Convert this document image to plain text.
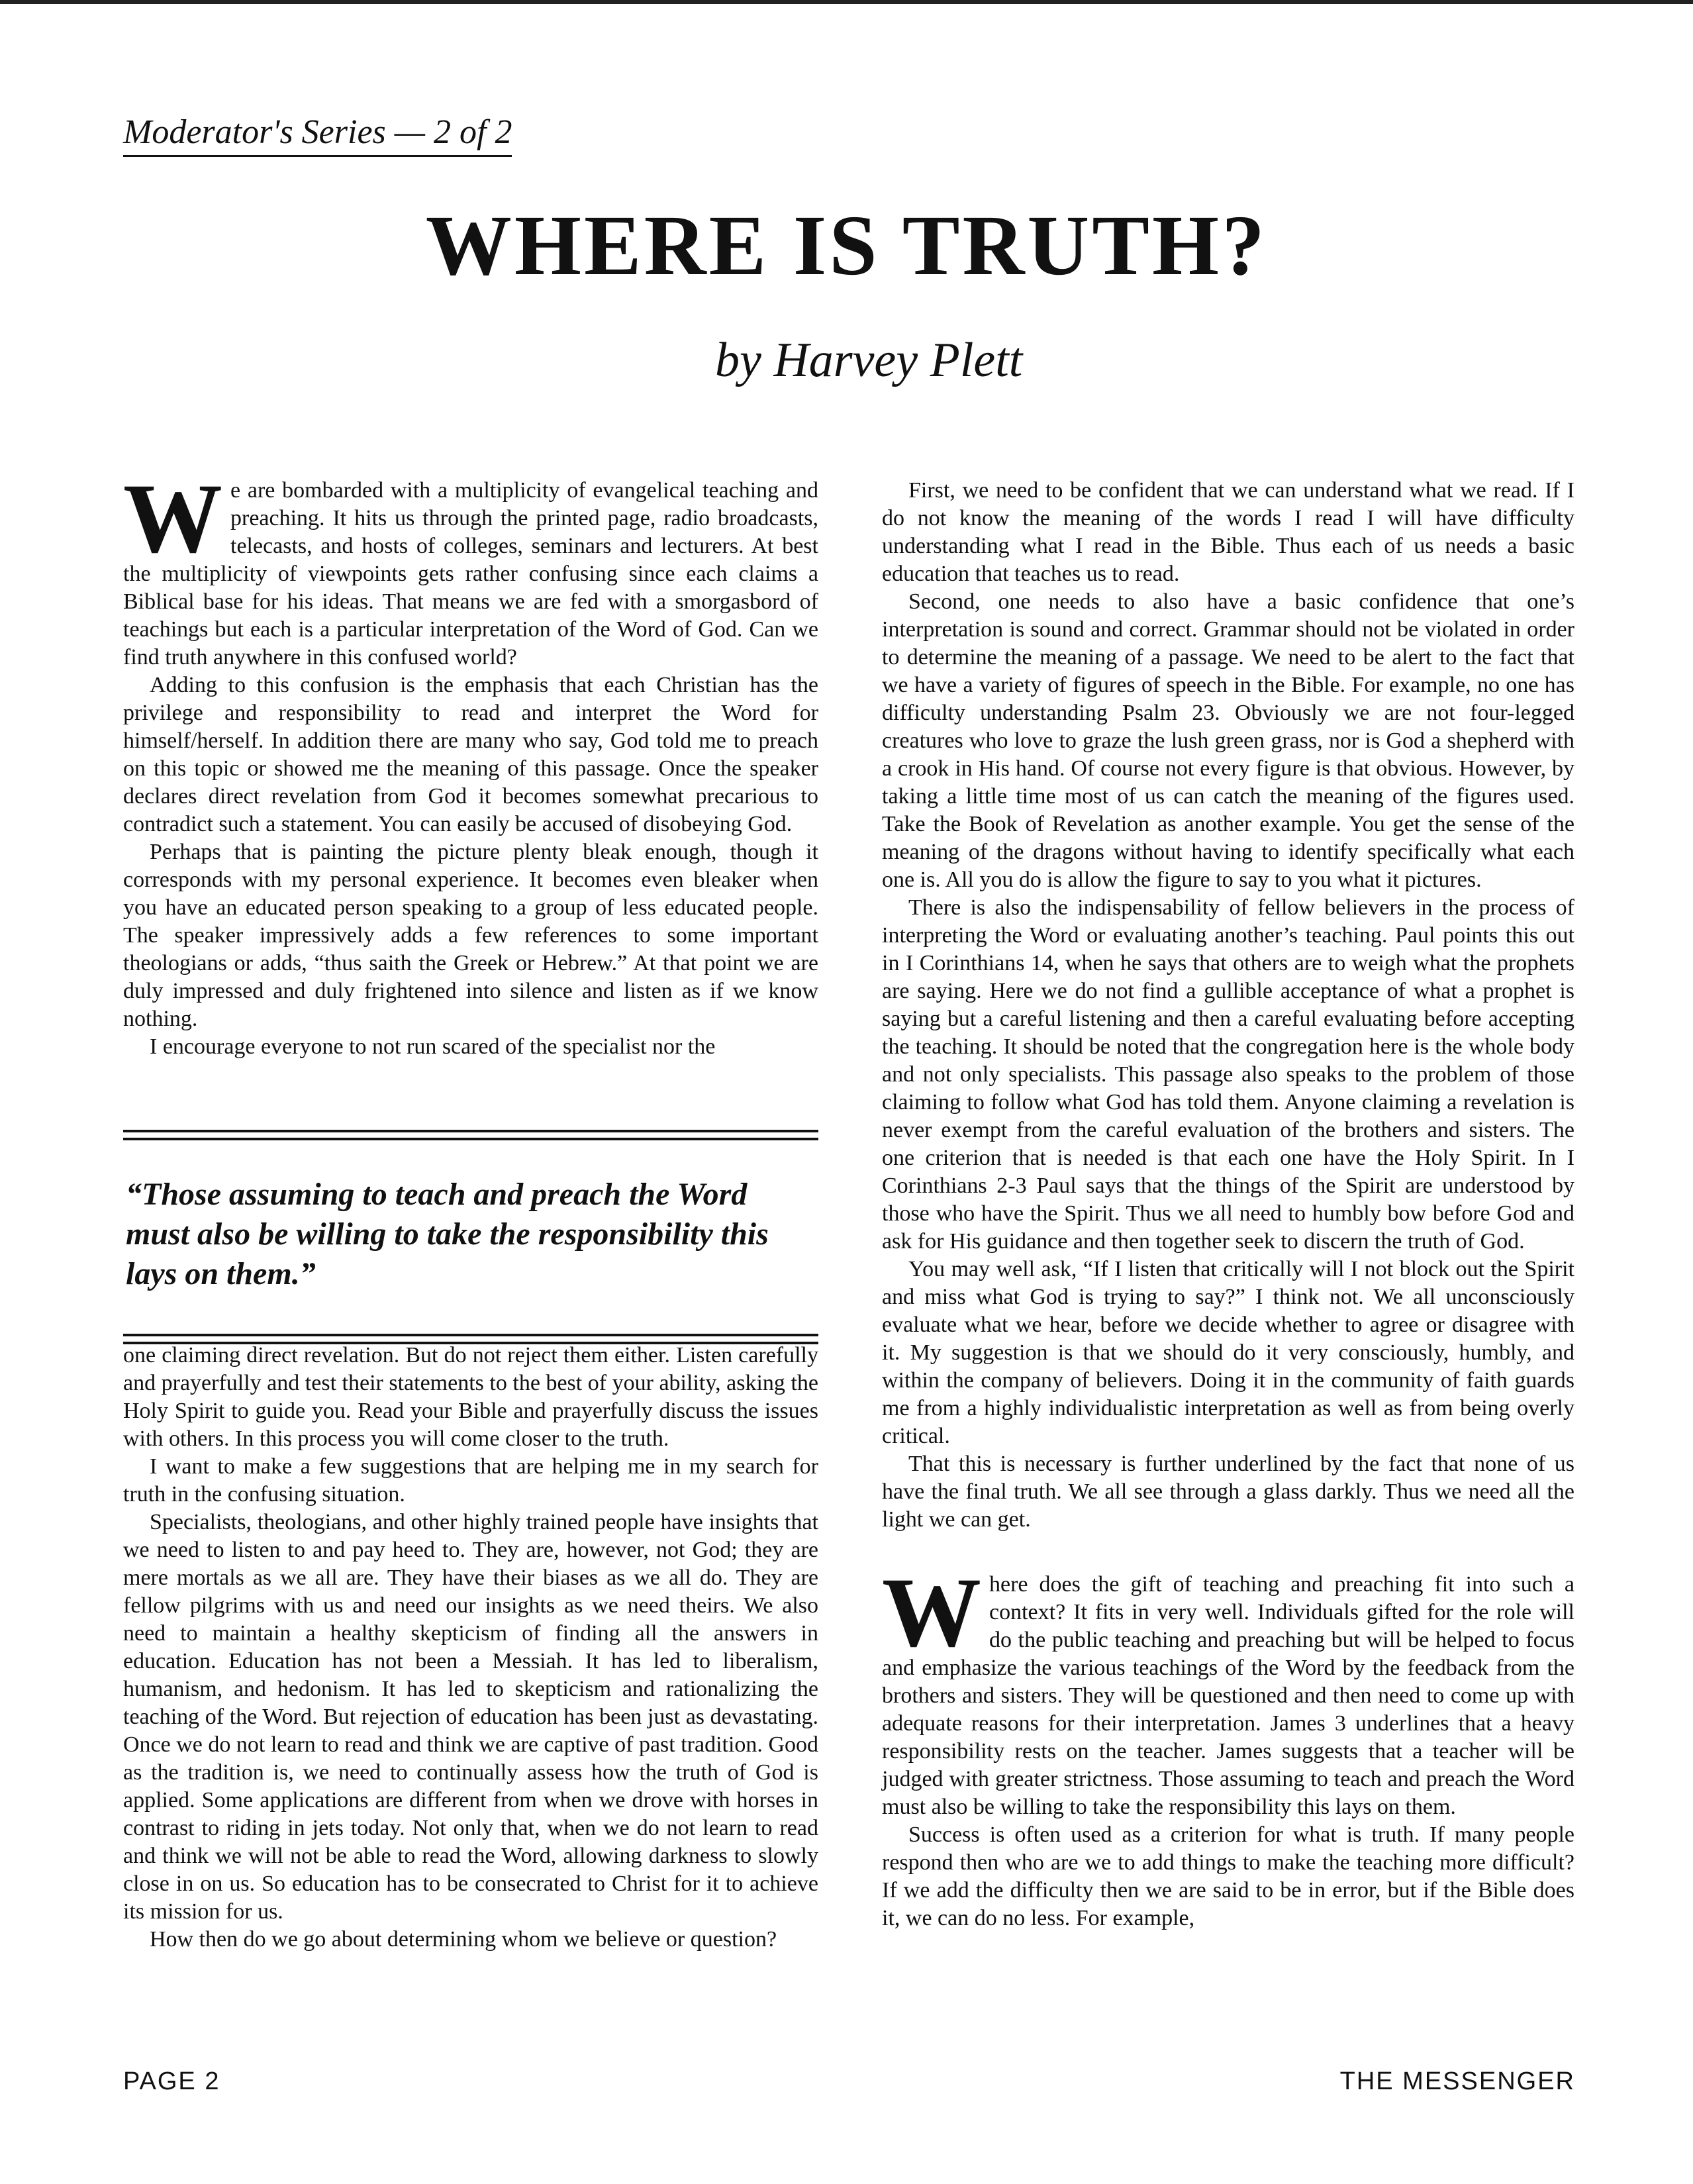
Moderator's Series — 2 of 2
WHERE IS TRUTH?
by Harvey Plett

We are bombarded with a multiplicity of evangelical teaching and preaching. It hits us through the printed page, radio broadcasts, telecasts, and hosts of colleges, seminars and lecturers. At best the multiplicity of viewpoints gets rather confusing since each claims a Biblical base for his ideas. That means we are fed with a smorgasbord of teachings but each is a particular interpretation of the Word of God. Can we find truth anywhere in this confused world?

Adding to this confusion is the emphasis that each Christian has the privilege and responsibility to read and interpret the Word for himself/herself. In addition there are many who say, God told me to preach on this topic or showed me the meaning of this passage. Once the speaker declares direct revelation from God it becomes somewhat precarious to contradict such a statement. You can easily be accused of disobeying God.

Perhaps that is painting the picture plenty bleak enough, though it corresponds with my personal experience. It becomes even bleaker when you have an educated person speaking to a group of less educated people. The speaker impressively adds a few references to some important theologians or adds, “thus saith the Greek or Hebrew.” At that point we are duly impressed and duly frightened into silence and listen as if we know nothing.

I encourage everyone to not run scared of the specialist nor the

“Those assuming to teach and preach the Word must also be willing to take the responsibility this lays on them.”

one claiming direct revelation. But do not reject them either. Listen carefully and prayerfully and test their statements to the best of your ability, asking the Holy Spirit to guide you. Read your Bible and prayerfully discuss the issues with others. In this process you will come closer to the truth.

I want to make a few suggestions that are helping me in my search for truth in the confusing situation.

Specialists, theologians, and other highly trained people have insights that we need to listen to and pay heed to. They are, however, not God; they are mere mortals as we all are. They have their biases as we all do. They are fellow pilgrims with us and need our insights as we need theirs. We also need to maintain a healthy skepticism of finding all the answers in education. Education has not been a Messiah. It has led to liberalism, humanism, and hedonism. It has led to skepticism and rationalizing the teaching of the Word. But rejection of education has been just as devastating. Once we do not learn to read and think we are captive of past tradition. Good as the tradition is, we need to continually assess how the truth of God is applied. Some applications are different from when we drove with horses in contrast to riding in jets today. Not only that, when we do not learn to read and think we will not be able to read the Word, allowing darkness to slowly close in on us. So education has to be consecrated to Christ for it to achieve its mission for us.

How then do we go about determining whom we believe or question?

First, we need to be confident that we can understand what we read. If I do not know the meaning of the words I read I will have difficulty understanding what I read in the Bible. Thus each of us needs a basic education that teaches us to read.

Second, one needs to also have a basic confidence that one’s interpretation is sound and correct. Grammar should not be violated in order to determine the meaning of a passage. We need to be alert to the fact that we have a variety of figures of speech in the Bible. For example, no one has difficulty understanding Psalm 23. Obviously we are not four-legged creatures who love to graze the lush green grass, nor is God a shepherd with a crook in His hand. Of course not every figure is that obvious. However, by taking a little time most of us can catch the meaning of the figures used. Take the Book of Revelation as another example. You get the sense of the meaning of the dragons without having to identify specifically what each one is. All you do is allow the figure to say to you what it pictures.

There is also the indispensability of fellow believers in the process of interpreting the Word or evaluating another’s teaching. Paul points this out in I Corinthians 14, when he says that others are to weigh what the prophets are saying. Here we do not find a gullible acceptance of what a prophet is saying but a careful listening and then a careful evaluating before accepting the teaching. It should be noted that the congregation here is the whole body and not only specialists. This passage also speaks to the problem of those claiming to follow what God has told them. Anyone claiming a revelation is never exempt from the careful evaluation of the brothers and sisters. The one criterion that is needed is that each one have the Holy Spirit. In I Corinthians 2-3 Paul says that the things of the Spirit are understood by those who have the Spirit. Thus we all need to humbly bow before God and ask for His guidance and then together seek to discern the truth of God.

You may well ask, “If I listen that critically will I not block out the Spirit and miss what God is trying to say?” I think not. We all unconsciously evaluate what we hear, before we decide whether to agree or disagree with it. My suggestion is that we should do it very consciously, humbly, and within the company of believers. Doing it in the community of faith guards me from a highly individualistic interpretation as well as from being overly critical.

That this is necessary is further underlined by the fact that none of us have the final truth. We all see through a glass darkly. Thus we need all the light we can get.

Where does the gift of teaching and preaching fit into such a context? It fits in very well. Individuals gifted for the role will do the public teaching and preaching but will be helped to focus and emphasize the various teachings of the Word by the feedback from the brothers and sisters. They will be questioned and then need to come up with adequate reasons for their interpretation. James 3 underlines that a heavy responsibility rests on the teacher. James suggests that a teacher will be judged with greater strictness. Those assuming to teach and preach the Word must also be willing to take the responsibility this lays on them.

Success is often used as a criterion for what is truth. If many people respond then who are we to add things to make the teaching more difficult? If we add the difficulty then we are said to be in error, but if the Bible does it, we can do no less. For example,

PAGE 2	THE MESSENGER
